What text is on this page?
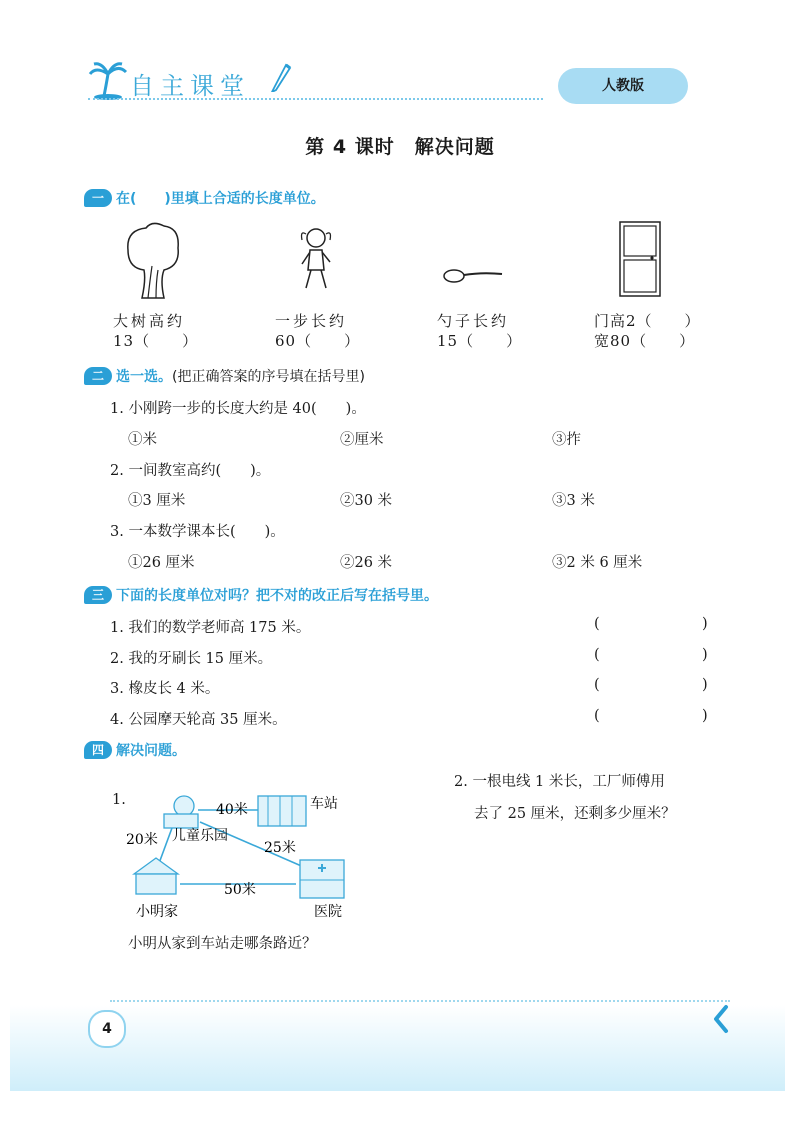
自主课堂	人教版
第 4 课时　解决问题
一 在(　　)里填上合适的长度单位。
大树高约
13（　　）
一步长约
60（　　）
勺子长约
15（　　）
门高2（　　）
宽80（　　）
二 选一选。 (把正确答案的序号填在括号里)
1. 小刚跨一步的长度大约是 40(　　)。
①米	②厘米	③拃
2. 一间教室高约(　　)。
①3 厘米	②30 米	③3 米
3. 一本数学课本长(　　)。
①26 厘米	②26 米	③2 米 6 厘米
三 下面的长度单位对吗？把不对的改正后写在括号里。
1. 我们的数学老师高 175 米。	(	)
2. 我的牙刷长 15 厘米。	(	)
3. 橡皮长 4 米。	(	)
4. 公园摩天轮高 35 厘米。	(	)
四 解决问题。
1.
40米	车站
20米 儿童乐园
25米
50米
小明家	医院
小明从家到车站走哪条路近？
2. 一根电线 1 米长，工厂师傅用
去了 25 厘米，还剩多少厘米？
4
